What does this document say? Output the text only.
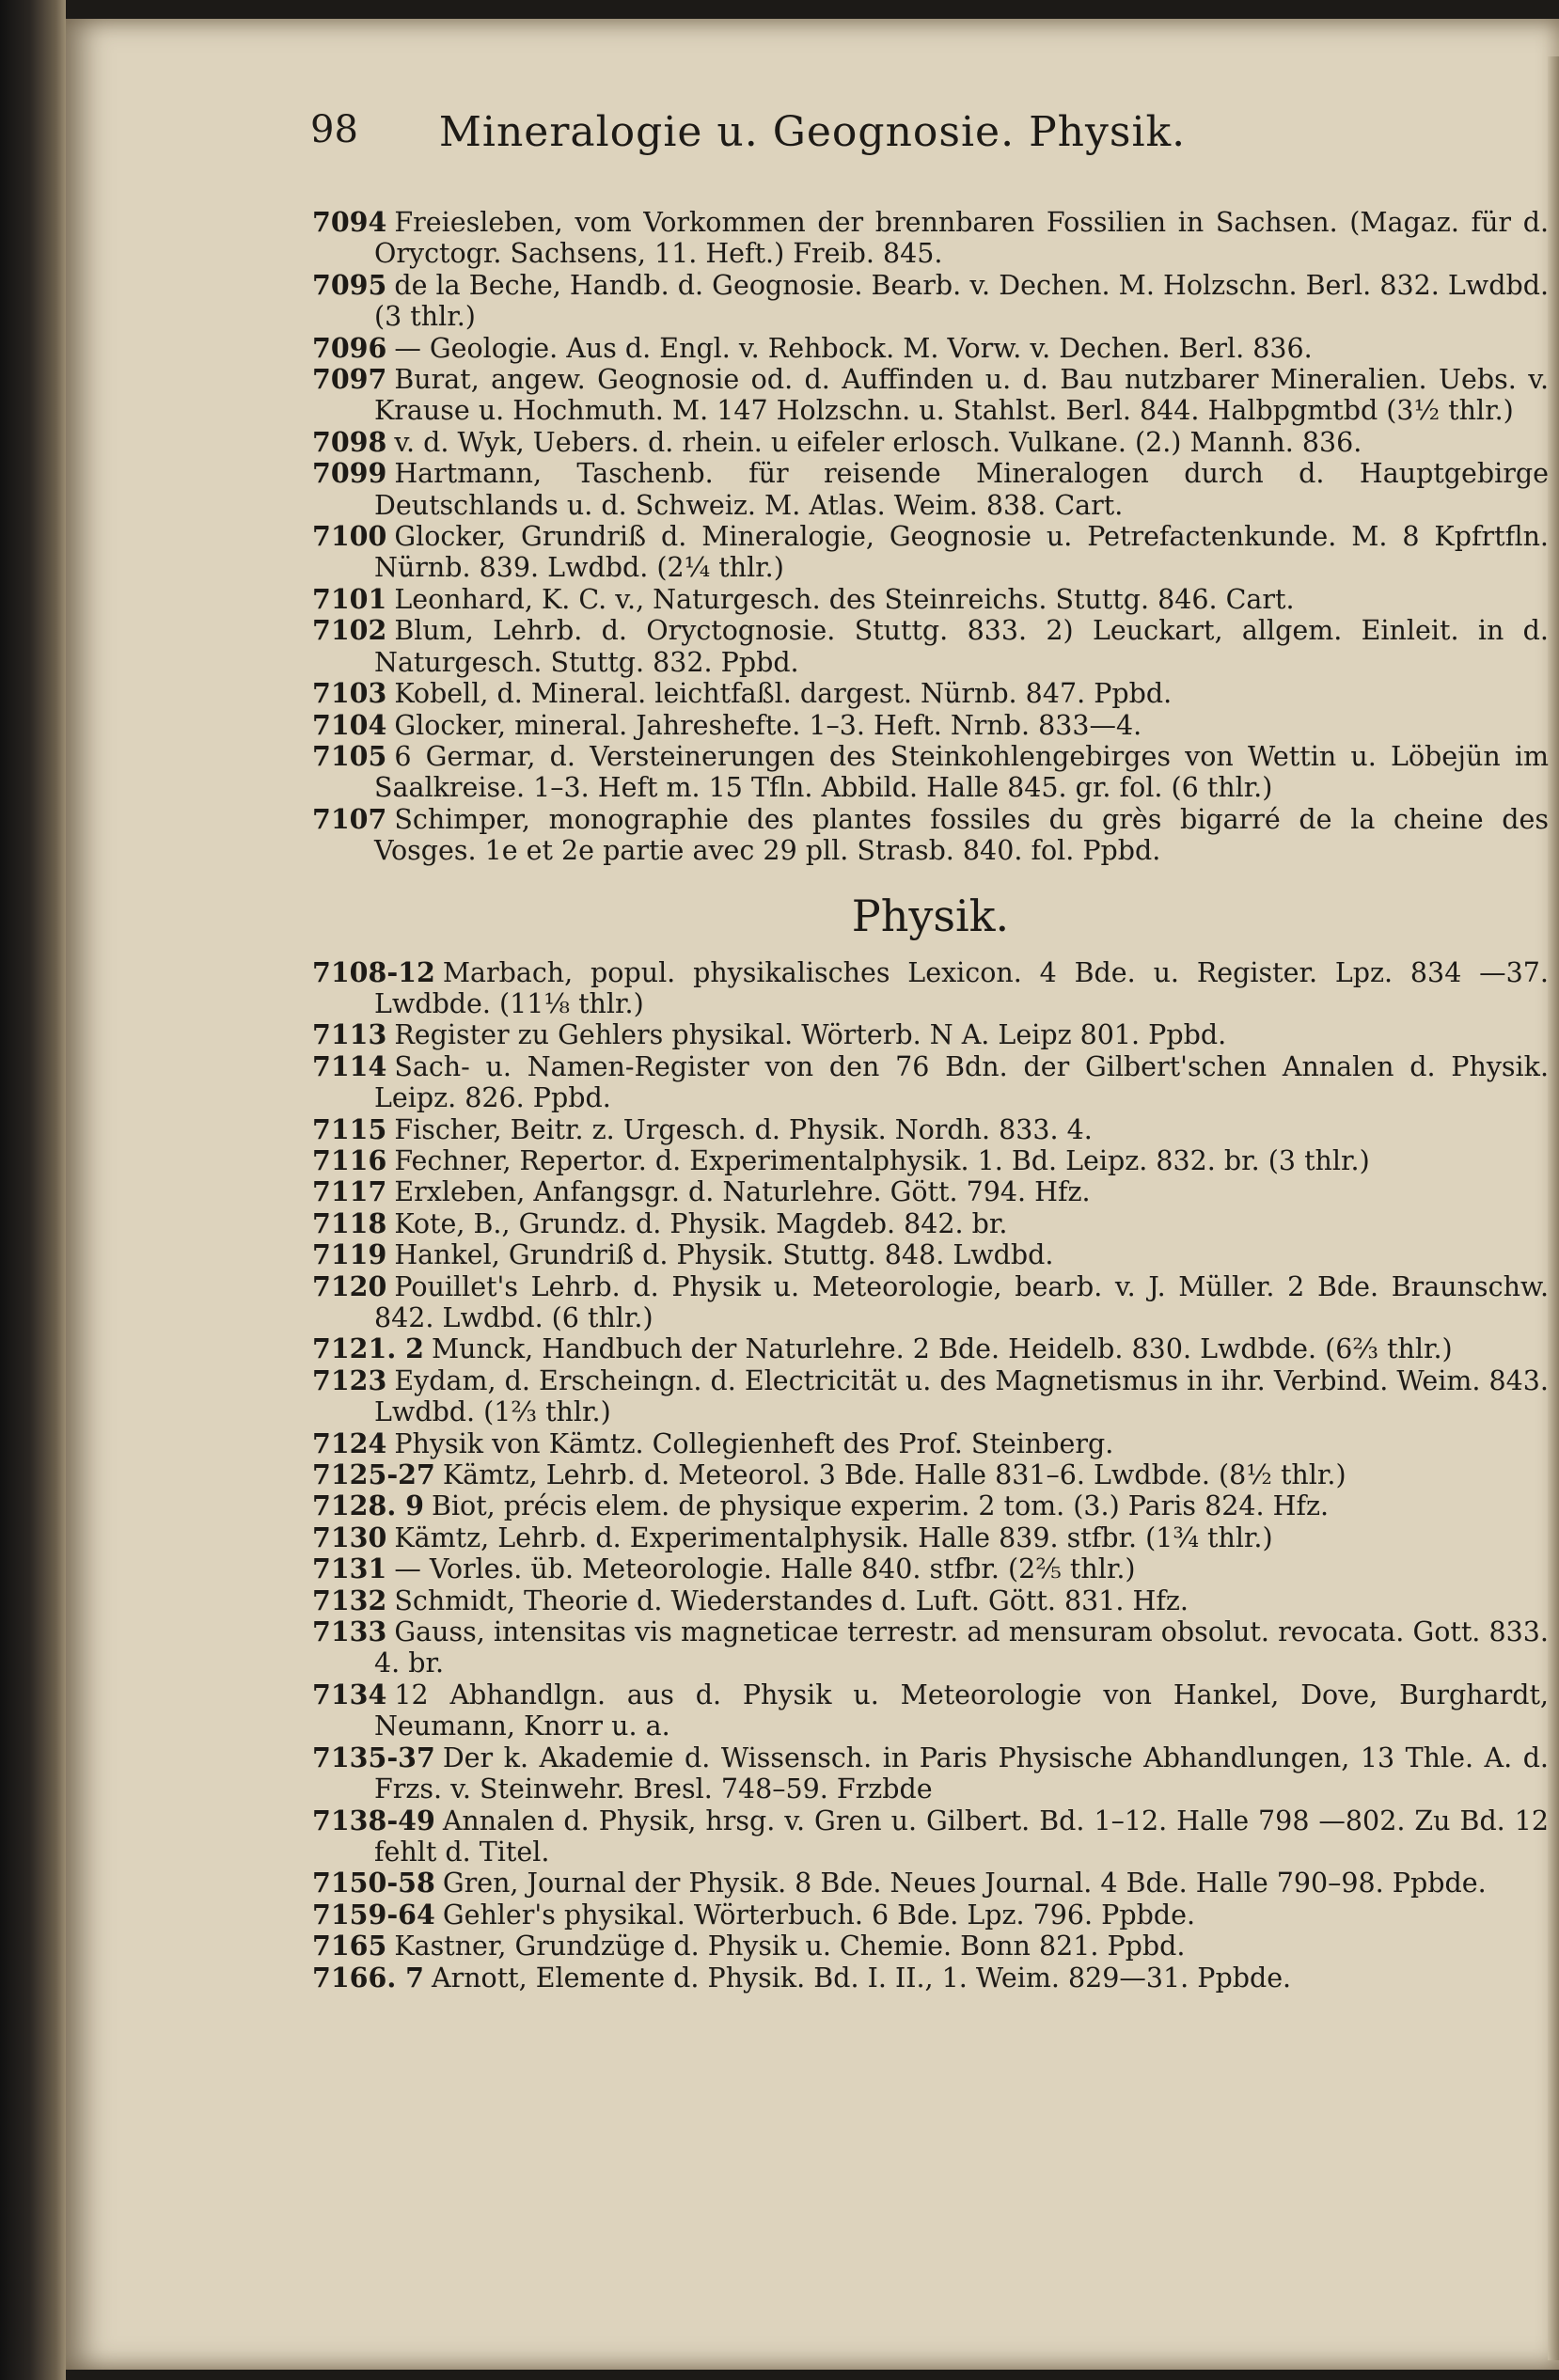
98	Mineralogie u. Geognosie. Physik.

7094 Freiesleben, vom Vorkommen der brennbaren Fossilien in Sachsen. (Magaz. für d. Oryctogr. Sachsens, 11. Heft.) Freib. 845.

7095 de la Beche, Handb. d. Geognosie. Bearb. v. Dechen. M. Holzschn. Berl. 832. Lwdbd. (3 thlr.)

7096 — Geologie. Aus d. Engl. v. Rehbock. M. Vorw. v. Dechen. Berl. 836.

7097 Burat, angew. Geognosie od. d. Auffinden u. d. Bau nutzbarer Mineralien. Uebs. v. Krause u. Hochmuth. M. 147 Holzschn. u. Stahlst. Berl. 844. Halbpgmtbd (3½ thlr.)

7098 v. d. Wyk, Uebers. d. rhein. u eifeler erlosch. Vulkane. (2.) Mannh. 836.

7099 Hartmann, Taschenb. für reisende Mineralogen durch d. Hauptgebirge Deutschlands u. d. Schweiz. M. Atlas. Weim. 838. Cart.

7100 Glocker, Grundriß d. Mineralogie, Geognosie u. Petrefactenkunde. M. 8 Kpfrtfln. Nürnb. 839. Lwdbd. (2¼ thlr.)

7101 Leonhard, K. C. v., Naturgesch. des Steinreichs. Stuttg. 846. Cart.

7102 Blum, Lehrb. d. Oryctognosie. Stuttg. 833. 2) Leuckart, allgem. Einleit. in d. Naturgesch. Stuttg. 832. Ppbd.

7103 Kobell, d. Mineral. leichtfaßl. dargest. Nürnb. 847. Ppbd.

7104 Glocker, mineral. Jahreshefte. 1–3. Heft. Nrnb. 833—4.

7105 6 Germar, d. Versteinerungen des Steinkohlengebirges von Wettin u. Löbejün im Saalkreise. 1–3. Heft m. 15 Tfln. Abbild. Halle 845. gr. fol. (6 thlr.)

7107 Schimper, monographie des plantes fossiles du grès bigarré de la cheine des Vosges. 1e et 2e partie avec 29 pll. Strasb. 840. fol. Ppbd.

Physik.

7108-12 Marbach, popul. physikalisches Lexicon. 4 Bde. u. Register. Lpz. 834 —37. Lwdbde. (11⅛ thlr.)

7113 Register zu Gehlers physikal. Wörterb. N A. Leipz 801. Ppbd.

7114 Sach- u. Namen-Register von den 76 Bdn. der Gilbert'schen Annalen d. Physik. Leipz. 826. Ppbd.

7115 Fischer, Beitr. z. Urgesch. d. Physik. Nordh. 833. 4.

7116 Fechner, Repertor. d. Experimentalphysik. 1. Bd. Leipz. 832. br. (3 thlr.)

7117 Erxleben, Anfangsgr. d. Naturlehre. Gött. 794. Hfz.

7118 Kote, B., Grundz. d. Physik. Magdeb. 842. br.

7119 Hankel, Grundriß d. Physik. Stuttg. 848. Lwdbd.

7120 Pouillet's Lehrb. d. Physik u. Meteorologie, bearb. v. J. Müller. 2 Bde. Braunschw. 842. Lwdbd. (6 thlr.)

7121. 2 Munck, Handbuch der Naturlehre. 2 Bde. Heidelb. 830. Lwdbde. (6⅔ thlr.)

7123 Eydam, d. Erscheingn. d. Electricität u. des Magnetismus in ihr. Verbind. Weim. 843. Lwdbd. (1⅔ thlr.)

7124 Physik von Kämtz. Collegienheft des Prof. Steinberg.

7125-27 Kämtz, Lehrb. d. Meteorol. 3 Bde. Halle 831–6. Lwdbde. (8½ thlr.)

7128. 9 Biot, précis elem. de physique experim. 2 tom. (3.) Paris 824. Hfz.

7130 Kämtz, Lehrb. d. Experimentalphysik. Halle 839. stfbr. (1¾ thlr.)

7131 — Vorles. üb. Meteorologie. Halle 840. stfbr. (2⅖ thlr.)

7132 Schmidt, Theorie d. Wiederstandes d. Luft. Gött. 831. Hfz.

7133 Gauss, intensitas vis magneticae terrestr. ad mensuram obsolut. revocata. Gott. 833. 4. br.

7134 12 Abhandlgn. aus d. Physik u. Meteorologie von Hankel, Dove, Burghardt, Neumann, Knorr u. a.

7135-37 Der k. Akademie d. Wissensch. in Paris Physische Abhandlungen, 13 Thle. A. d. Frzs. v. Steinwehr. Bresl. 748–59. Frzbde

7138-49 Annalen d. Physik, hrsg. v. Gren u. Gilbert. Bd. 1–12. Halle 798 —802. Zu Bd. 12 fehlt d. Titel.

7150-58 Gren, Journal der Physik. 8 Bde. Neues Journal. 4 Bde. Halle 790–98. Ppbde.

7159-64 Gehler's physikal. Wörterbuch. 6 Bde. Lpz. 796. Ppbde.

7165 Kastner, Grundzüge d. Physik u. Chemie. Bonn 821. Ppbd.

7166. 7 Arnott, Elemente d. Physik. Bd. I. II., 1. Weim. 829—31. Ppbde.
